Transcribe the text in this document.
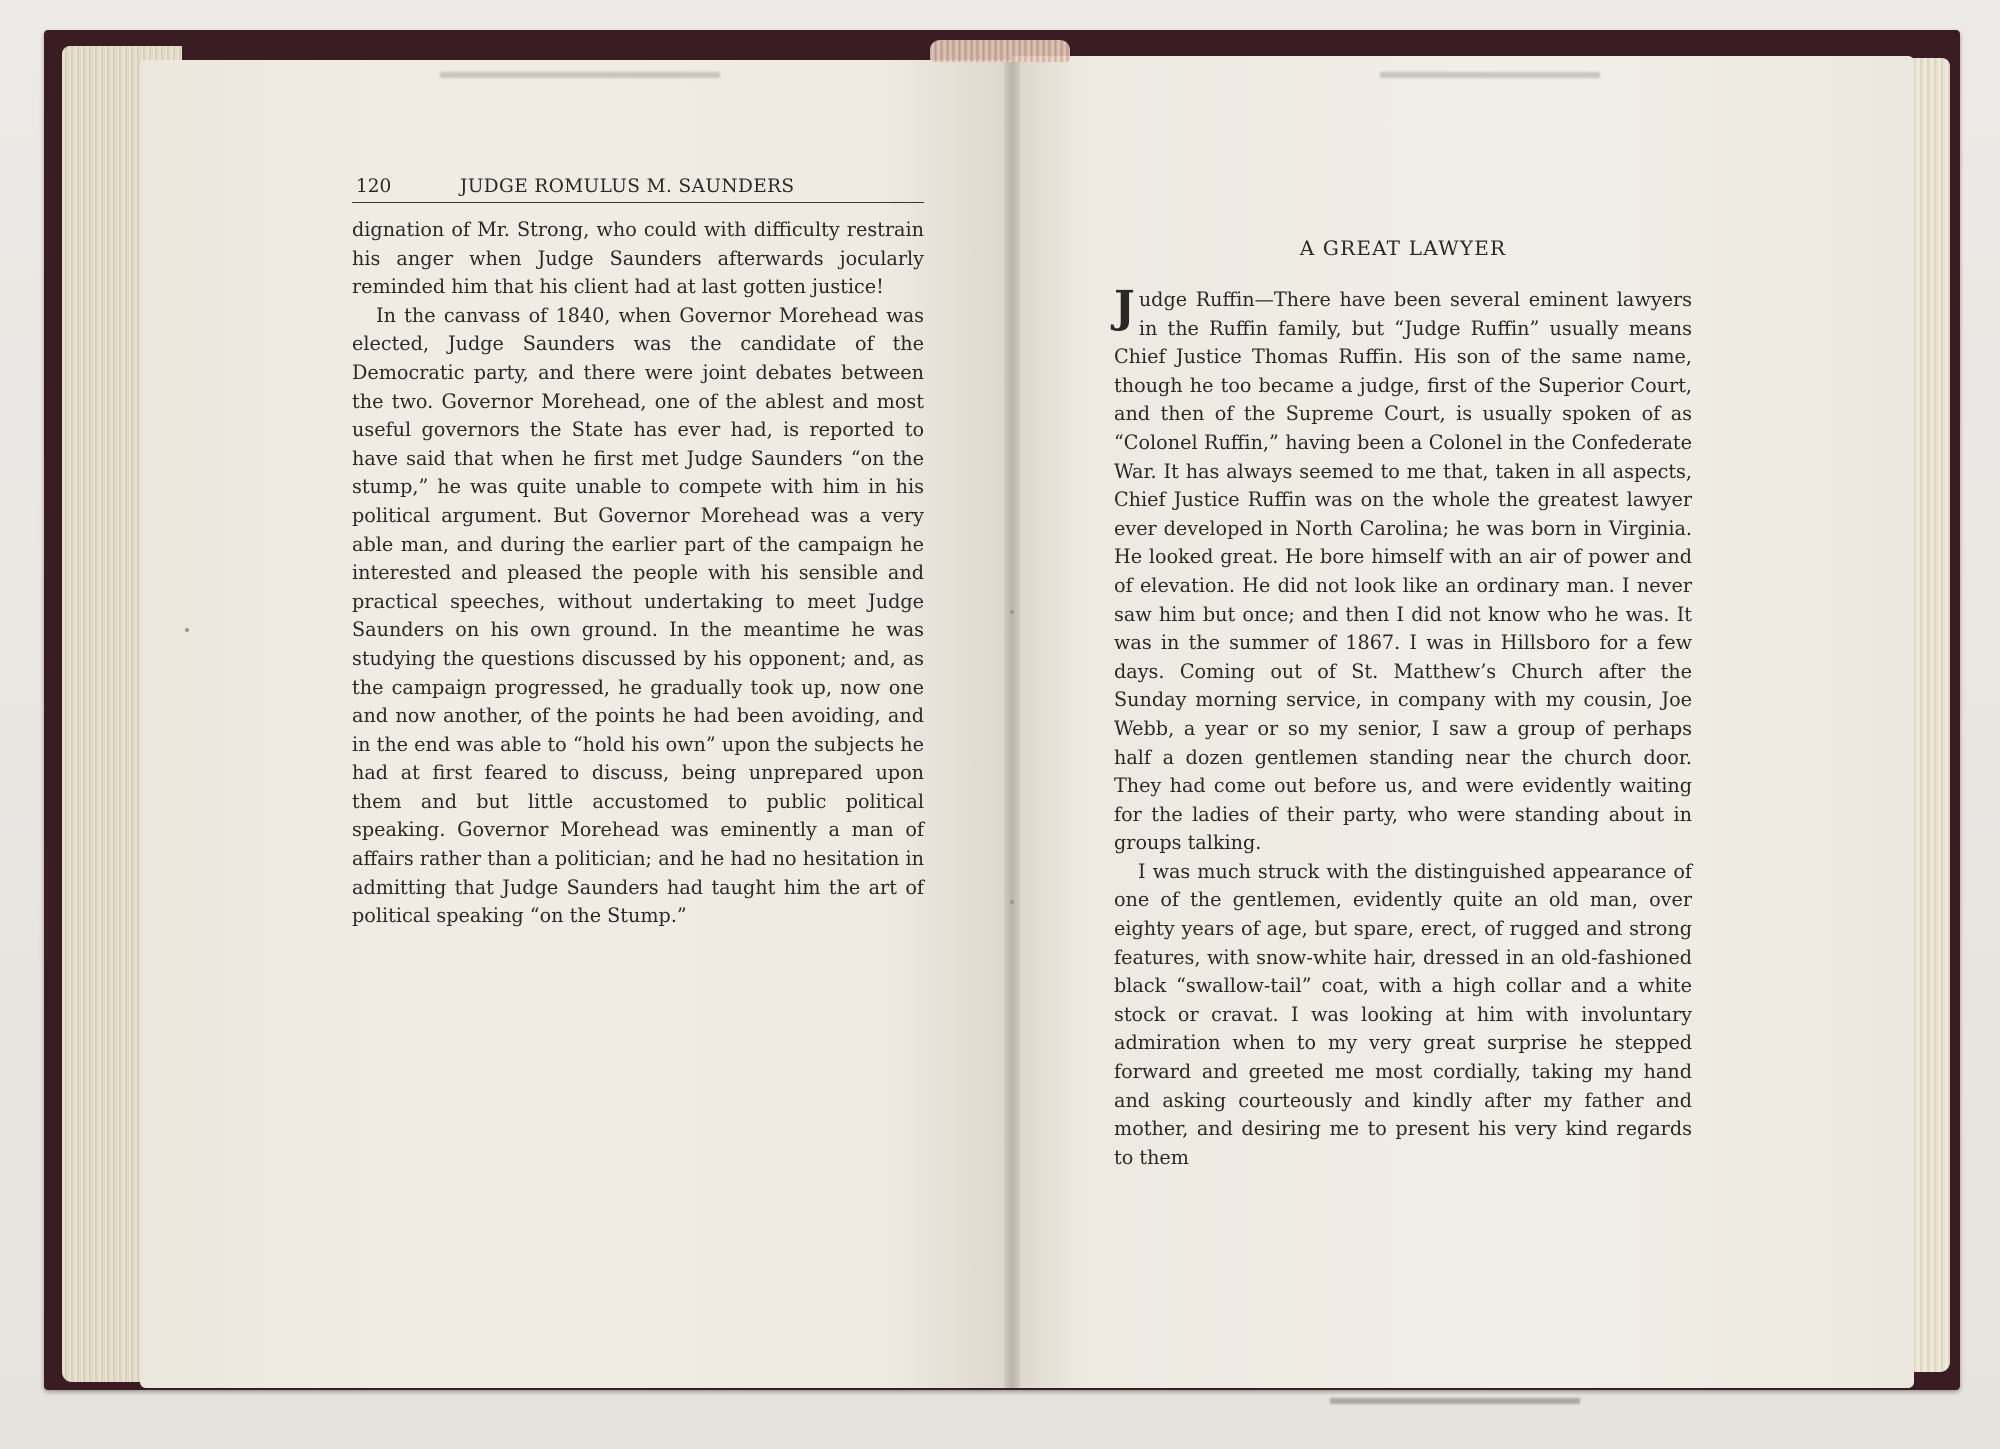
120	JUDGE ROMULUS M. SAUNDERS

dignation of Mr. Strong, who could with difficulty restrain his anger when Judge Saunders afterwards jocularly reminded him that his client had at last gotten justice!

In the canvass of 1840, when Governor Morehead was elected, Judge Saunders was the candidate of the Democratic party, and there were joint debates between the two. Governor Morehead, one of the ablest and most useful governors the State has ever had, is reported to have said that when he first met Judge Saunders “on the stump,” he was quite unable to compete with him in his political argument. But Governor Morehead was a very able man, and during the earlier part of the campaign he interested and pleased the people with his sensible and practical speeches, without undertaking to meet Judge Saunders on his own ground. In the meantime he was studying the questions discussed by his opponent; and, as the campaign progressed, he gradually took up, now one and now another, of the points he had been avoiding, and in the end was able to “hold his own” upon the subjects he had at first feared to discuss, being unprepared upon them and but little accustomed to public political speaking. Governor Morehead was eminently a man of affairs rather than a politician; and he had no hesitation in admitting that Judge Saunders had taught him the art of political speaking “on the Stump.”

A GREAT LAWYER

Judge Ruffin—There have been several eminent lawyers in the Ruffin family, but “Judge Ruffin” usually means Chief Justice Thomas Ruffin. His son of the same name, though he too became a judge, first of the Superior Court, and then of the Supreme Court, is usually spoken of as “Colonel Ruffin,” having been a Colonel in the Confederate War. It has always seemed to me that, taken in all aspects, Chief Justice Ruffin was on the whole the greatest lawyer ever developed in North Carolina; he was born in Virginia. He looked great. He bore himself with an air of power and of elevation. He did not look like an ordinary man. I never saw him but once; and then I did not know who he was. It was in the summer of 1867. I was in Hillsboro for a few days. Coming out of St. Matthew’s Church after the Sunday morning service, in company with my cousin, Joe Webb, a year or so my senior, I saw a group of perhaps half a dozen gentlemen standing near the church door. They had come out before us, and were evidently waiting for the ladies of their party, who were standing about in groups talking.

I was much struck with the distinguished appearance of one of the gentlemen, evidently quite an old man, over eighty years of age, but spare, erect, of rugged and strong features, with snow-white hair, dressed in an old-fashioned black “swallow-tail” coat, with a high collar and a white stock or cravat. I was looking at him with involuntary admiration when to my very great surprise he stepped forward and greeted me most cordially, taking my hand and asking courteously and kindly after my father and mother, and desiring me to present his very kind regards to them
